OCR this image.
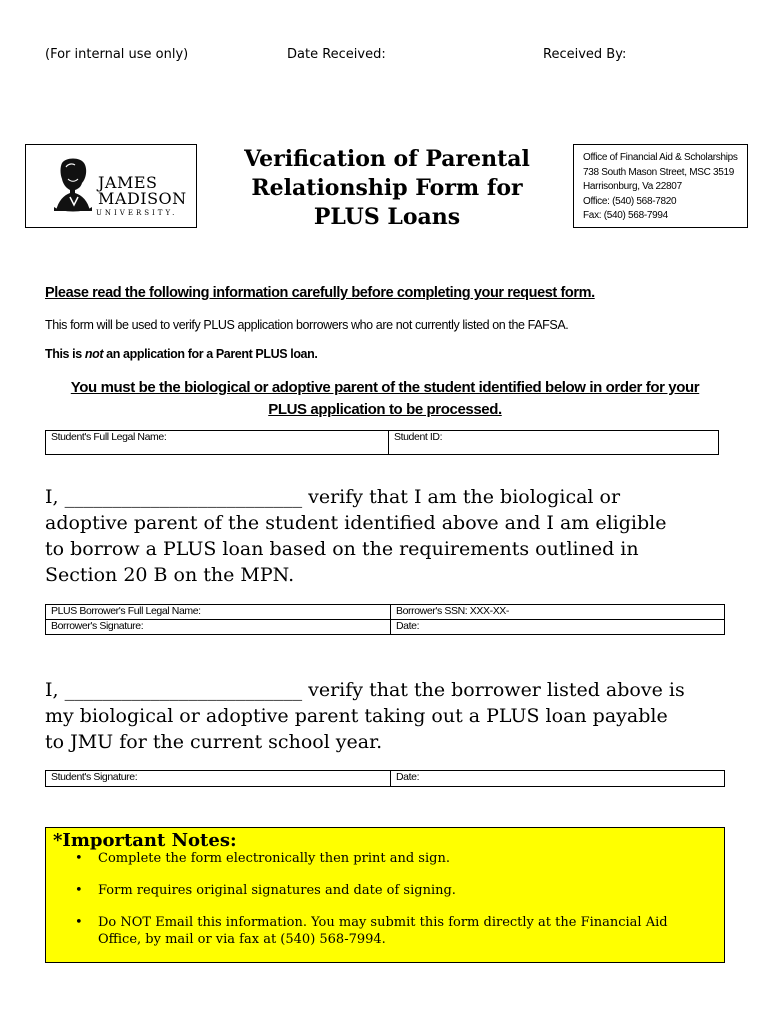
(For internal use only)	Date Received:	Received By:
JAMES
MADISON
UNIVERSITY.
Verification of Parental
Relationship Form for
PLUS Loans
Office of Financial Aid & Scholarships
738 South Mason Street, MSC 3519
Harrisonburg, Va 22807
Office: (540) 568-7820
Fax: (540) 568-7994
Please read the following information carefully before completing your request form.
This form will be used to verify PLUS application borrowers who are not currently listed on the FAFSA.
This is not an application for a Parent PLUS loan.
You must be the biological or adoptive parent of the student identified below in order for your
PLUS application to be processed.
Student's Full Legal Name:	Student ID:
I, _________________________ verify that I am the biological or
adoptive parent of the student identified above and I am eligible
to borrow a PLUS loan based on the requirements outlined in
Section 20 B on the MPN.
PLUS Borrower's Full Legal Name:	Borrower's SSN: XXX-XX-
Borrower's Signature:	Date:
I, _________________________ verify that the borrower listed above is
my biological or adoptive parent taking out a PLUS loan payable
to JMU for the current school year.
Student's Signature:	Date:
*Important Notes:
• Complete the form electronically then print and sign.
• Form requires original signatures and date of signing.
• Do NOT Email this information. You may submit this form directly at the Financial Aid Office, by mail or via fax at (540) 568-7994.
